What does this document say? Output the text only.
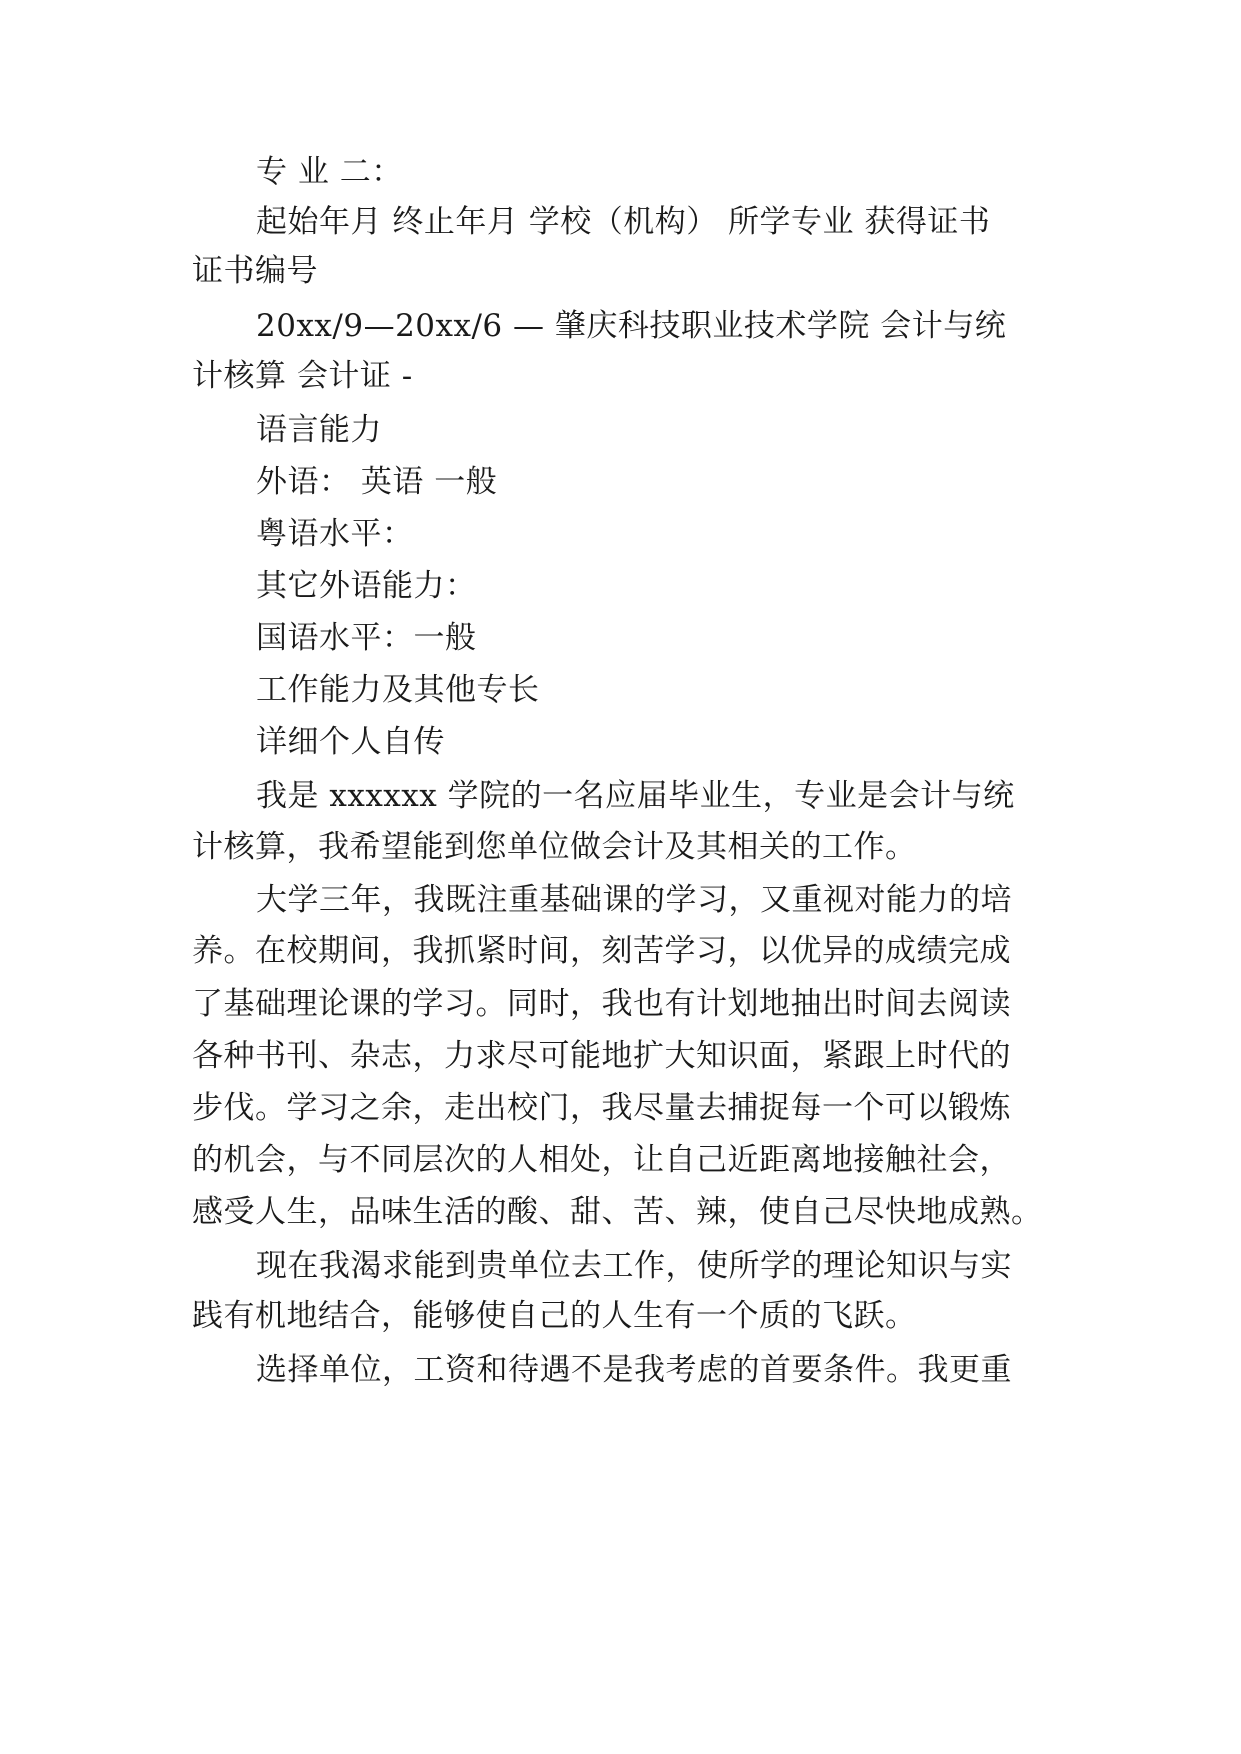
专 业 二：
起始年月 终止年月 学校（机构） 所学专业 获得证书
证书编号
20xx/9—20xx/6 — 肇庆科技职业技术学院 会计与统
计核算 会计证 -
语言能力
外语： 英语 一般
粤语水平：
其它外语能力：
国语水平：一般
工作能力及其他专长
详细个人自传
我是 xxxxxx 学院的一名应届毕业生，专业是会计与统
计核算，我希望能到您单位做会计及其相关的工作。
大学三年，我既注重基础课的学习，又重视对能力的培
养。在校期间，我抓紧时间，刻苦学习，以优异的成绩完成
了基础理论课的学习。同时，我也有计划地抽出时间去阅读
各种书刊、杂志，力求尽可能地扩大知识面，紧跟上时代的
步伐。学习之余，走出校门，我尽量去捕捉每一个可以锻炼
的机会，与不同层次的人相处，让自己近距离地接触社会，
感受人生，品味生活的酸、甜、苦、辣，使自己尽快地成熟。
现在我渴求能到贵单位去工作，使所学的理论知识与实
践有机地结合，能够使自己的人生有一个质的飞跃。
选择单位，工资和待遇不是我考虑的首要条件。我更重
